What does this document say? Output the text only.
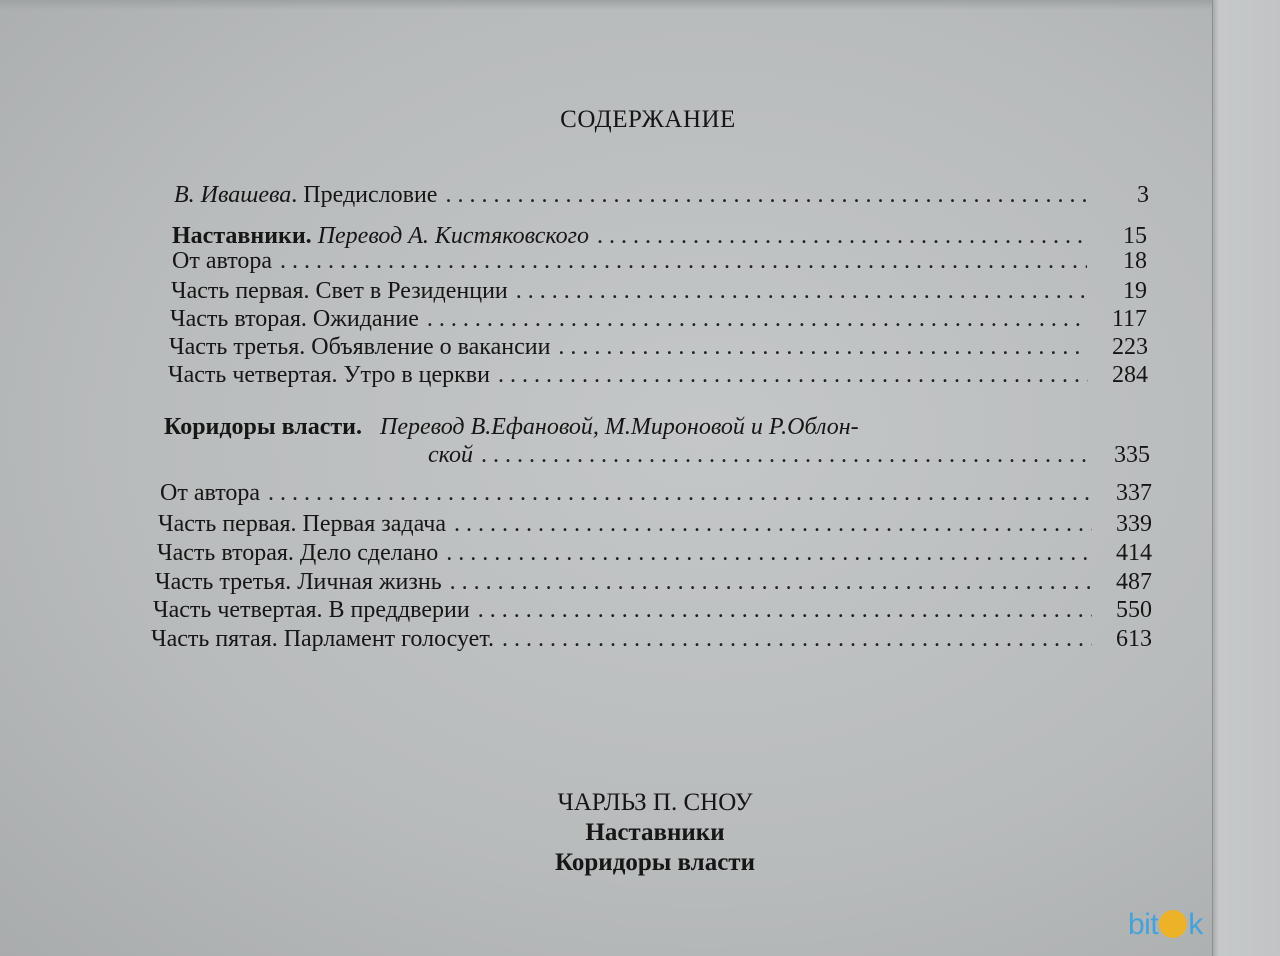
СОДЕРЖАНИЕ
В. Ивашева. Предисловие . . .	3
Наставники. Перевод А. Кистяковского . . .	15
От автора . . .	18
Часть первая. Свет в Резиденции . . .	19
Часть вторая. Ожидание . . .	117
Часть третья. Объявление о вакансии . . .	223
Часть четвертая. Утро в церкви . . .	284
Коридоры власти. Перевод В.Ефановой, М.Мироновой и Р.Облон-
ской . . .	335
От автора . . .	337
Часть первая. Первая задача . . .	339
Часть вторая. Дело сделано . . .	414
Часть третья. Личная жизнь . . .	487
Часть четвертая. В преддверии . . .	550
Часть пятая. Парламент голосует. . . .	613
ЧАРЛЬЗ П. СНОУ
Наставники
Коридоры власти
bit k
